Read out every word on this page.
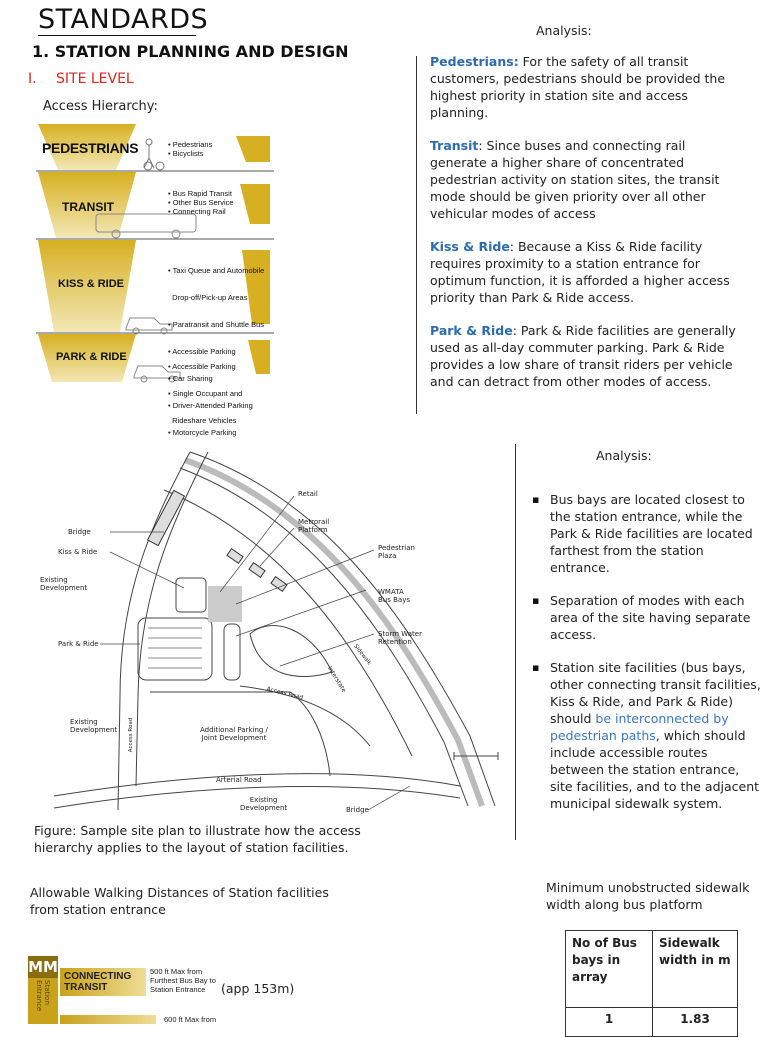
STANDARDS
1. STATION PLANNING AND DESIGN
I. SITE LEVEL
Access Hierarchy:
PEDESTRIANS
TRANSIT
KISS & RIDE
PARK & RIDE
• Pedestrians
• Bicyclists
• Bus Rapid Transit
• Other Bus Service
• Connecting Rail

• Taxi Queue and Automobile

Drop-off/Pick-up Areas

• Paratransit and Shuttle Bus

• Accessible Parking

• Car Sharing

• Driver-Attended Parking

• Motorcycle Parking

• Accessible Parking

• Single Occupant and

Rideshare Vehicles

Analysis:

Pedestrians: For the safety of all transit customers, pedestrians should be provided the highest priority in station site and access planning.

Transit: Since buses and connecting rail generate a higher share of concentrated pedestrian activity on station sites, the transit mode should be given priority over all other vehicular modes of access

Kiss & Ride: Because a Kiss & Ride facility requires proximity to a station entrance for optimum function, it is afforded a higher access priority than Park & Ride access.

Park & Ride: Park & Ride facilities are generally used as all-day commuter parking. Park & Ride provides a low share of transit riders per vehicle and can detract from other modes of access.

Retail
Bridge
Metrorail
Platform
Kiss & Ride	Pedestrian
Plaza
Existing
Development	WMATA
Bus Bays
Park & Ride
Storm Water
Retention
Existing
Development	Additional Parking /
Joint Development
Arterial Road
Existing
Development	Bridge
Access Road	Interstate
Sidewalk
Access Road
Figure: Sample site plan to illustrate how the access hierarchy applies to the layout of station facilities.
Analysis:
▪ Bus bays are located closest to the station entrance, while the Park & Ride facilities are located farthest from the station entrance.
▪ Separation of modes with each area of the site having separate access.
▪ Station site facilities (bus bays, other connecting transit facilities, Kiss & Ride, and Park & Ride) should be interconnected by pedestrian paths, which should include accessible routes between the station entrance, site facilities, and to the adjacent municipal sidewalk system.
Allowable Walking Distances of Station facilities from station entrance
MM
Station Entrance
CONNECTING TRANSIT
500 ft Max from Furthest Bus Bay to Station Entrance	(app 153m)
600 ft Max from
Minimum unobstructed sidewalk width along bus platform
No of Bus bays in array	Sidewalk width in m
1	1.83
